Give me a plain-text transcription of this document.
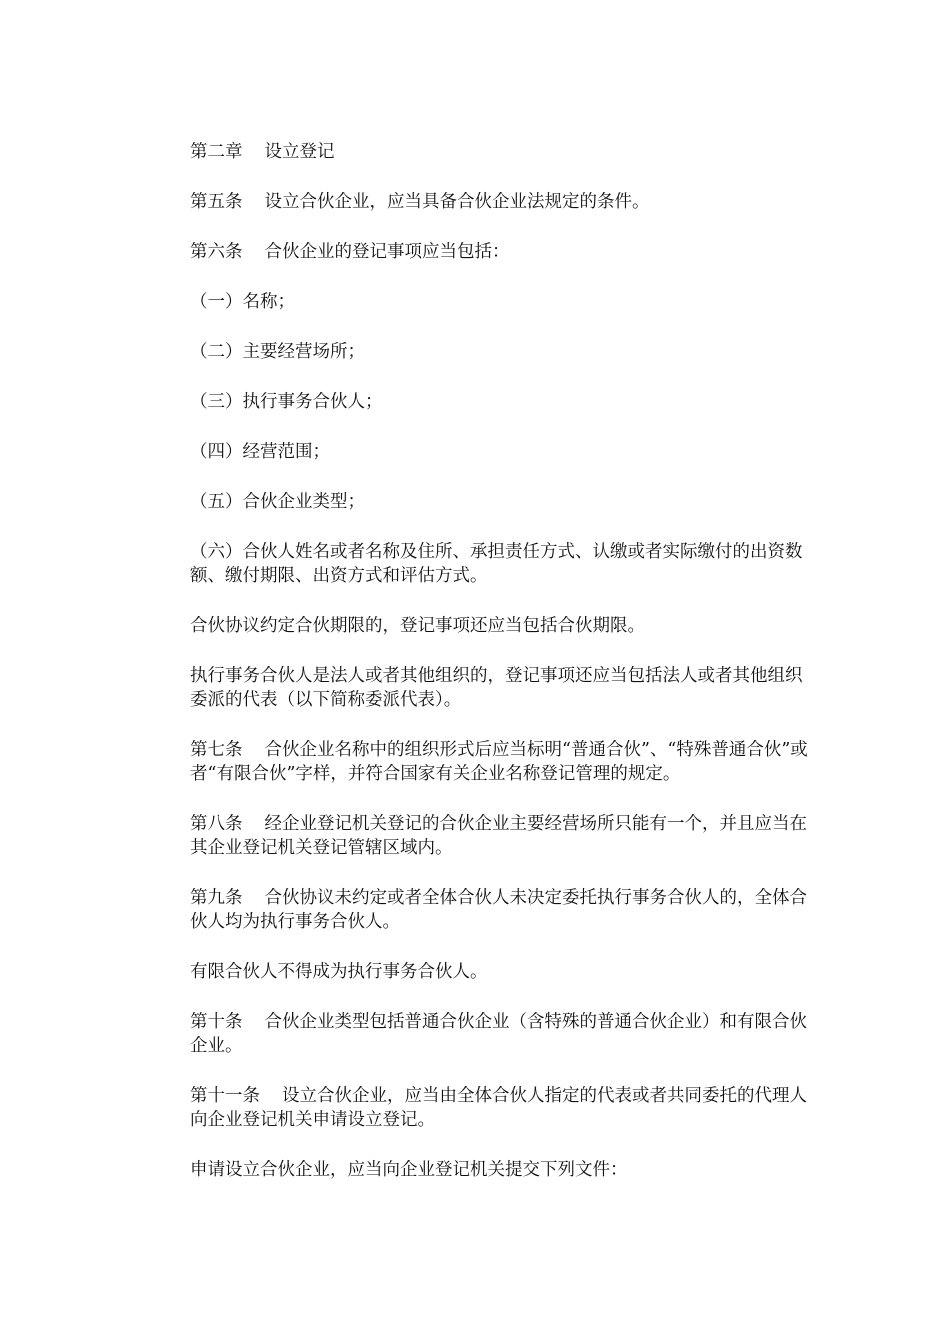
第二章 设立登记

第五条 设立合伙企业，应当具备合伙企业法规定的条件。

第六条 合伙企业的登记事项应当包括：

（一）名称；

（二）主要经营场所；

（三）执行事务合伙人；

（四）经营范围；

（五）合伙企业类型；

（六）合伙人姓名或者名称及住所、承担责任方式、认缴或者实际缴付的出资数额、缴付期限、出资方式和评估方式。

合伙协议约定合伙期限的，登记事项还应当包括合伙期限。

执行事务合伙人是法人或者其他组织的，登记事项还应当包括法人或者其他组织委派的代表（以下简称委派代表）。

第七条 合伙企业名称中的组织形式后应当标明“普通合伙”、“特殊普通合伙”或者“有限合伙”字样，并符合国家有关企业名称登记管理的规定。

第八条 经企业登记机关登记的合伙企业主要经营场所只能有一个，并且应当在其企业登记机关登记管辖区域内。

第九条 合伙协议未约定或者全体合伙人未决定委托执行事务合伙人的，全体合伙人均为执行事务合伙人。

有限合伙人不得成为执行事务合伙人。

第十条 合伙企业类型包括普通合伙企业（含特殊的普通合伙企业）和有限合伙企业。

第十一条 设立合伙企业，应当由全体合伙人指定的代表或者共同委托的代理人向企业登记机关申请设立登记。

申请设立合伙企业，应当向企业登记机关提交下列文件：
